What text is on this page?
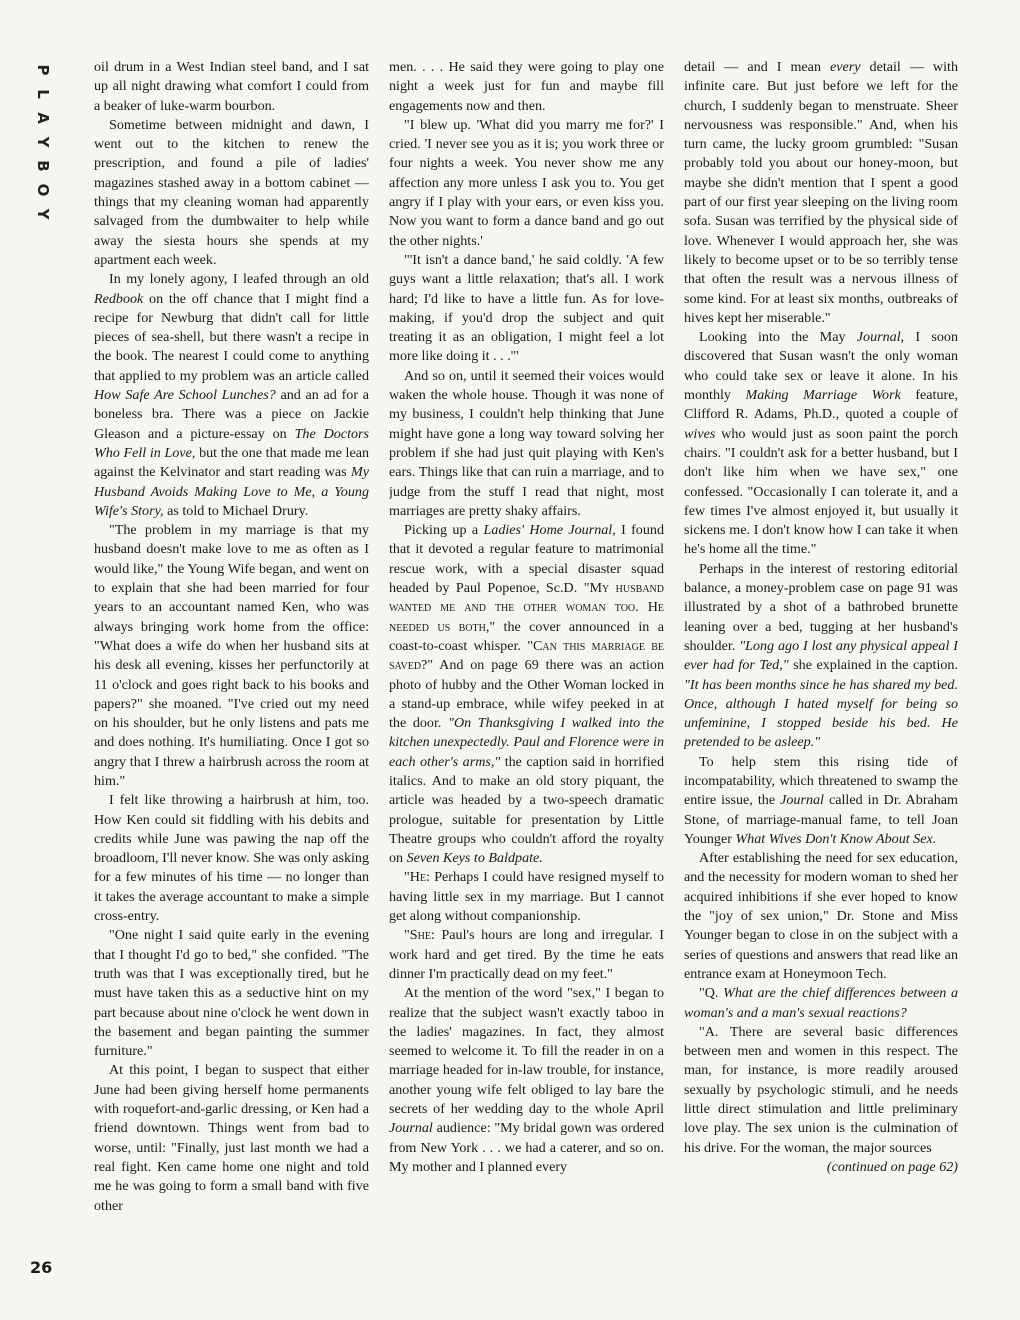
P
L
A
Y
B
O
Y
26

oil drum in a West Indian steel band, and I sat up all night drawing what comfort I could from a beaker of luke-warm bourbon.

Sometime between midnight and dawn, I went out to the kitchen to renew the prescription, and found a pile of ladies' magazines stashed away in a bottom cabinet — things that my cleaning woman had apparently salvaged from the dumbwaiter to help while away the siesta hours she spends at my apartment each week.

In my lonely agony, I leafed through an old Redbook on the off chance that I might find a recipe for Newburg that didn't call for little pieces of sea-shell, but there wasn't a recipe in the book. The nearest I could come to anything that applied to my problem was an article called How Safe Are School Lunches? and an ad for a boneless bra. There was a piece on Jackie Gleason and a picture-essay on The Doctors Who Fell in Love, but the one that made me lean against the Kelvinator and start reading was My Husband Avoids Making Love to Me, a Young Wife's Story, as told to Michael Drury.

"The problem in my marriage is that my husband doesn't make love to me as often as I would like," the Young Wife began, and went on to explain that she had been married for four years to an accountant named Ken, who was always bringing work home from the office: "What does a wife do when her husband sits at his desk all evening, kisses her perfunctorily at 11 o'clock and goes right back to his books and papers?" she moaned. "I've cried out my need on his shoulder, but he only listens and pats me and does nothing. It's humiliating. Once I got so angry that I threw a hairbrush across the room at him."

I felt like throwing a hairbrush at him, too. How Ken could sit fiddling with his debits and credits while June was pawing the nap off the broadloom, I'll never know. She was only asking for a few minutes of his time — no longer than it takes the average accountant to make a simple cross-entry.

"One night I said quite early in the evening that I thought I'd go to bed," she confided. "The truth was that I was exceptionally tired, but he must have taken this as a seductive hint on my part because about nine o'clock he went down in the basement and began painting the summer furniture."

At this point, I began to suspect that either June had been giving herself home permanents with roquefort-and-garlic dressing, or Ken had a friend downtown. Things went from bad to worse, until: "Finally, just last month we had a real fight. Ken came home one night and told me he was going to form a small band with five other

men. . . . He said they were going to play one night a week just for fun and maybe fill engagements now and then.

"I blew up. 'What did you marry me for?' I cried. 'I never see you as it is; you work three or four nights a week. You never show me any affection any more unless I ask you to. You get angry if I play with your ears, or even kiss you. Now you want to form a dance band and go out the other nights.'

"'It isn't a dance band,' he said coldly. 'A few guys want a little relaxation; that's all. I work hard; I'd like to have a little fun. As for love-making, if you'd drop the subject and quit treating it as an obligation, I might feel a lot more like doing it . . .'"

And so on, until it seemed their voices would waken the whole house. Though it was none of my business, I couldn't help thinking that June might have gone a long way toward solving her problem if she had just quit playing with Ken's ears. Things like that can ruin a marriage, and to judge from the stuff I read that night, most marriages are pretty shaky affairs.

Picking up a Ladies' Home Journal, I found that it devoted a regular feature to matrimonial rescue work, with a special disaster squad headed by Paul Popenoe, Sc.D. "My husband wanted me and the other woman too. He needed us both," the cover announced in a coast-to-coast whisper. "Can this marriage be saved?" And on page 69 there was an action photo of hubby and the Other Woman locked in a stand-up embrace, while wifey peeked in at the door. "On Thanksgiving I walked into the kitchen unexpectedly. Paul and Florence were in each other's arms," the caption said in horrified italics. And to make an old story piquant, the article was headed by a two-speech dramatic prologue, suitable for presentation by Little Theatre groups who couldn't afford the royalty on Seven Keys to Baldpate.

"He: Perhaps I could have resigned myself to having little sex in my marriage. But I cannot get along without companionship.

"She: Paul's hours are long and irregular. I work hard and get tired. By the time he eats dinner I'm practically dead on my feet."

At the mention of the word "sex," I began to realize that the subject wasn't exactly taboo in the ladies' magazines. In fact, they almost seemed to welcome it. To fill the reader in on a marriage headed for in-law trouble, for instance, another young wife felt obliged to lay bare the secrets of her wedding day to the whole April Journal audience: "My bridal gown was ordered from New York . . . we had a caterer, and so on. My mother and I planned every

detail — and I mean every detail — with infinite care. But just before we left for the church, I suddenly began to menstruate. Sheer nervousness was responsible." And, when his turn came, the lucky groom grumbled: "Susan probably told you about our honey-moon, but maybe she didn't mention that I spent a good part of our first year sleeping on the living room sofa. Susan was terrified by the physical side of love. Whenever I would approach her, she was likely to become upset or to be so terribly tense that often the result was a nervous illness of some kind. For at least six months, outbreaks of hives kept her miserable."

Looking into the May Journal, I soon discovered that Susan wasn't the only woman who could take sex or leave it alone. In his monthly Making Marriage Work feature, Clifford R. Adams, Ph.D., quoted a couple of wives who would just as soon paint the porch chairs. "I couldn't ask for a better husband, but I don't like him when we have sex," one confessed. "Occasionally I can tolerate it, and a few times I've almost enjoyed it, but usually it sickens me. I don't know how I can take it when he's home all the time."

Perhaps in the interest of restoring editorial balance, a money-problem case on page 91 was illustrated by a shot of a bathrobed brunette leaning over a bed, tugging at her husband's shoulder. "Long ago I lost any physical appeal I ever had for Ted," she explained in the caption. "It has been months since he has shared my bed. Once, although I hated myself for being so unfeminine, I stopped beside his bed. He pretended to be asleep."

To help stem this rising tide of incompatability, which threatened to swamp the entire issue, the Journal called in Dr. Abraham Stone, of marriage-manual fame, to tell Joan Younger What Wives Don't Know About Sex.

After establishing the need for sex education, and the necessity for modern woman to shed her acquired inhibitions if she ever hoped to know the "joy of sex union," Dr. Stone and Miss Younger began to close in on the subject with a series of questions and answers that read like an entrance exam at Honeymoon Tech.

"Q. What are the chief differences between a woman's and a man's sexual reactions?

"A. There are several basic differences between men and women in this respect. The man, for instance, is more readily aroused sexually by psychologic stimuli, and he needs little direct stimulation and little preliminary love play. The sex union is the culmination of his drive. For the woman, the major sources

(continued on page 62)
